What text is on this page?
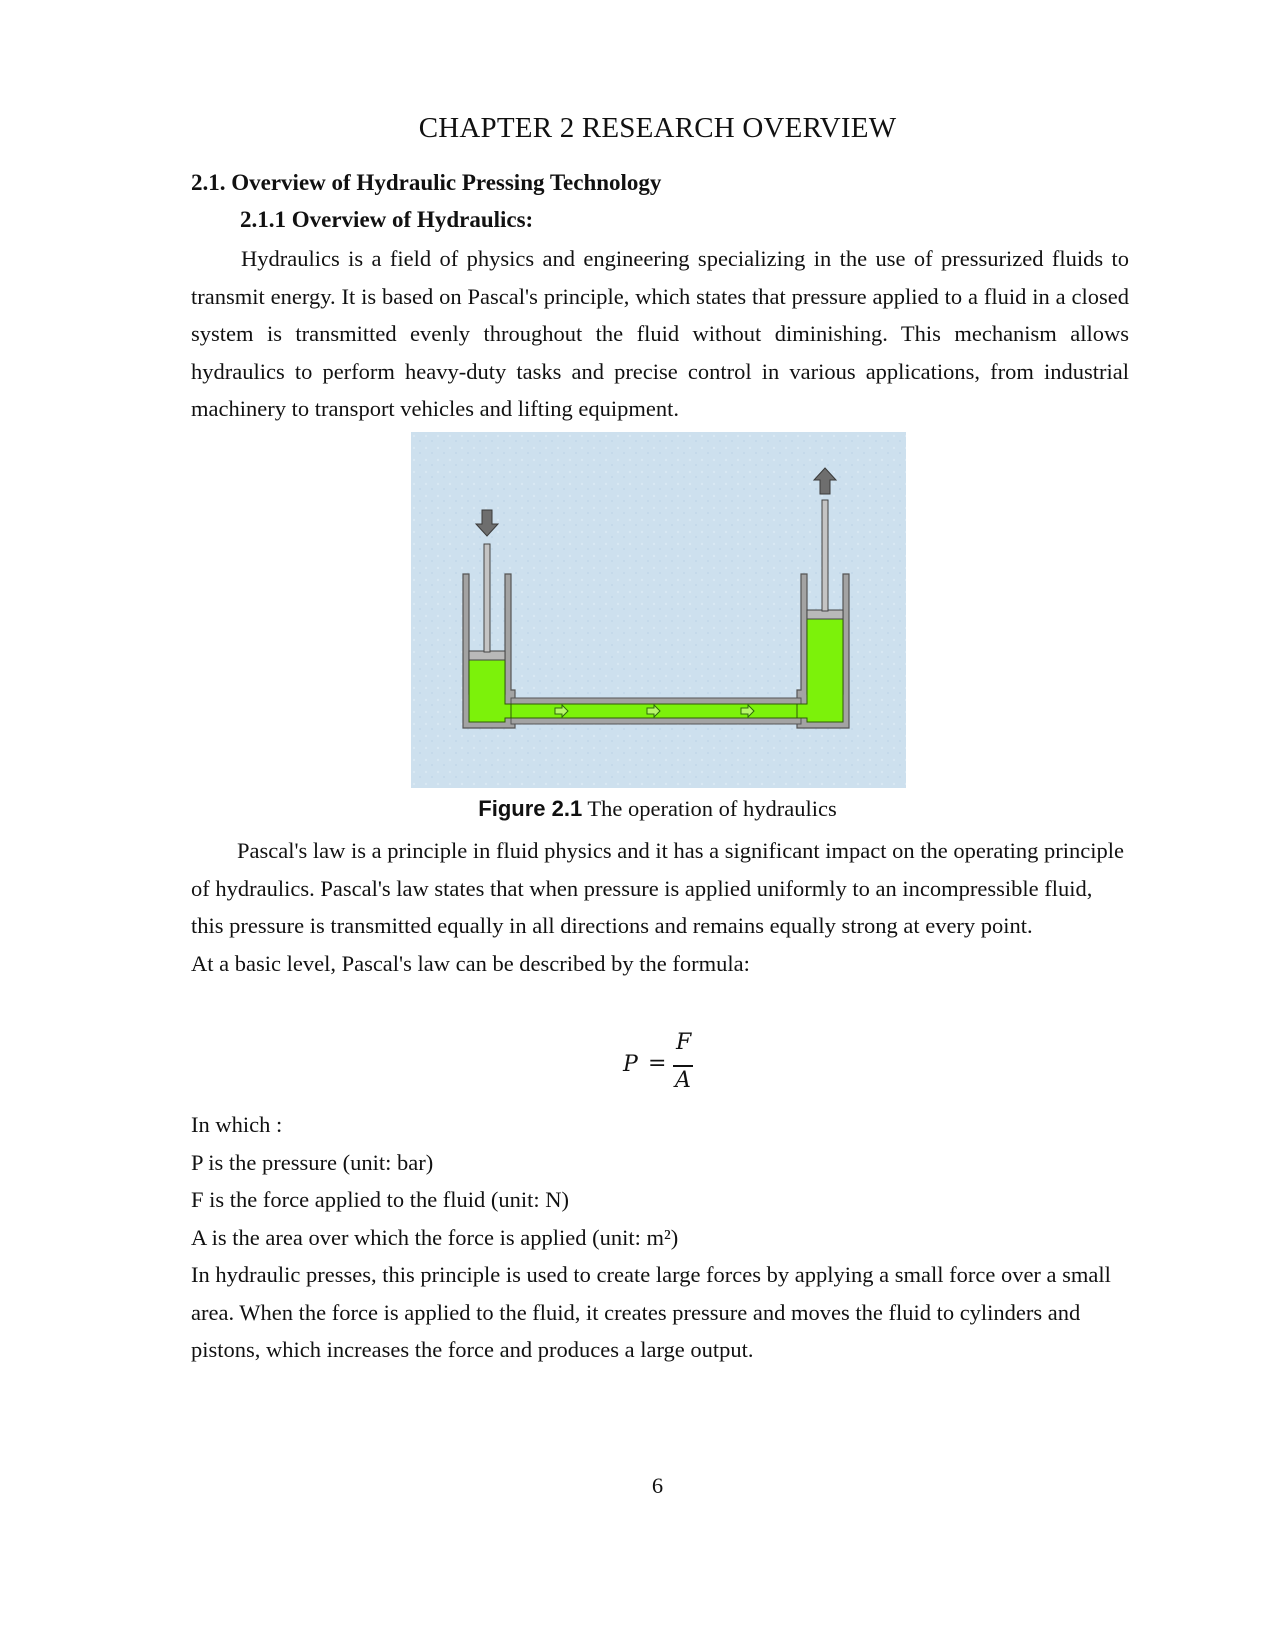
CHAPTER 2 RESEARCH OVERVIEW
2.1. Overview of Hydraulic Pressing Technology
2.1.1 Overview of Hydraulics:

Hydraulics is a field of physics and engineering specializing in the use of pressurized fluids to transmit energy. It is based on Pascal's principle, which states that pressure applied to a fluid in a closed system is transmitted evenly throughout the fluid without diminishing. This mechanism allows hydraulics to perform heavy-duty tasks and precise control in various applications, from industrial machinery to transport vehicles and lifting equipment.

Figure 2.1 The operation of hydraulics

Pascal's law is a principle in fluid physics and it has a significant impact on the operating principle of hydraulics. Pascal's law states that when pressure is applied uniformly to an incompressible fluid, this pressure is transmitted equally in all directions and remains equally strong at every point.

At a basic level, Pascal's law can be described by the formula:

P =
F
A

In which :

P is the pressure (unit: bar)

F is the force applied to the fluid (unit: N)

A is the area over which the force is applied (unit: m²)

In hydraulic presses, this principle is used to create large forces by applying a small force over a small area. When the force is applied to the fluid, it creates pressure and moves the fluid to cylinders and pistons, which increases the force and produces a large output.

6
